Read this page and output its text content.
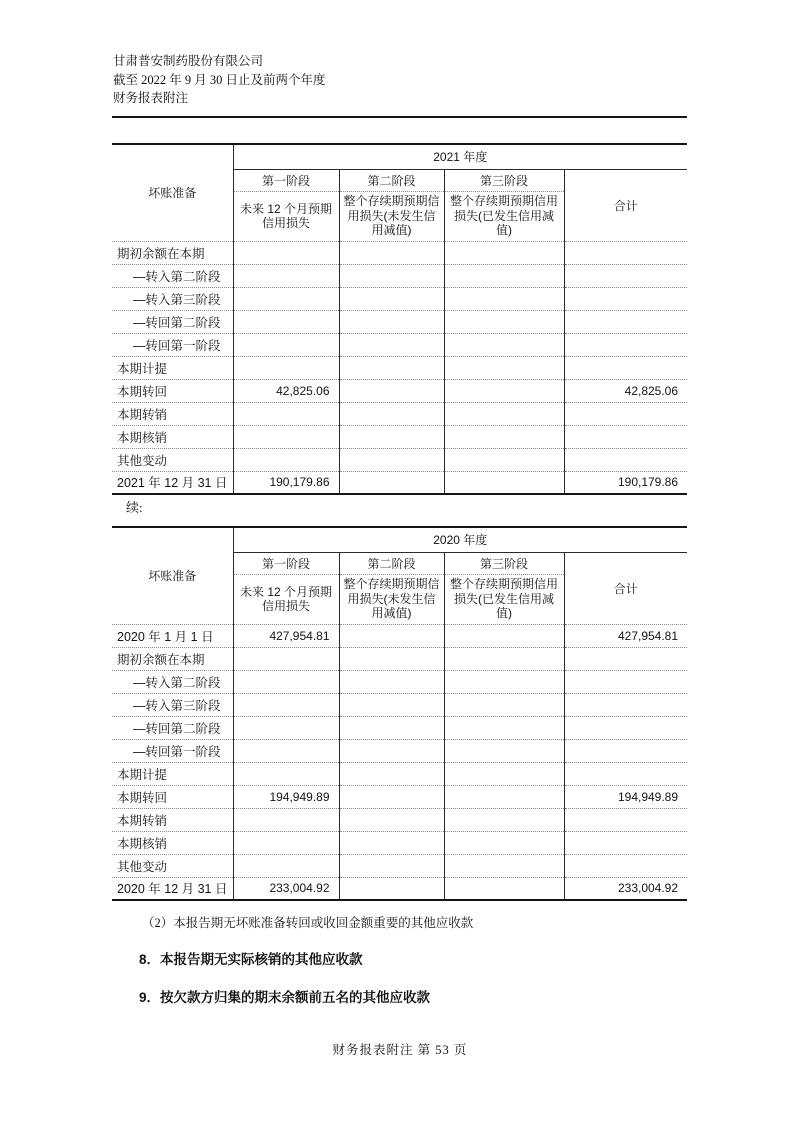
甘肃普安制药股份有限公司
截至 2022 年 9 月 30 日止及前两个年度
财务报表附注
坏账准备	2021 年度			
	第一阶段	第二阶段	第三阶段	合计
	未来 12 个月预期信用损失	整个存续期预期信用损失(未发生信用减值)	整个存续期预期信用损失(已发生信用减值)	
期初余额在本期				
—转入第二阶段				
—转入第三阶段				
—转回第二阶段				
—转回第一阶段				
本期计提				
本期转回	42,825.06			42,825.06
本期转销				
本期核销				
其他变动				
2021 年 12 月 31 日	190,179.86			190,179.86
续:
坏账准备	2020 年度			
	第一阶段	第二阶段	第三阶段	合计
	未来 12 个月预期信用损失	整个存续期预期信用损失(未发生信用减值)	整个存续期预期信用损失(已发生信用减值)	
2020 年 1 月 1 日	427,954.81			427,954.81
期初余额在本期				
—转入第二阶段				
—转入第三阶段				
—转回第二阶段				
—转回第一阶段				
本期计提				
本期转回	194,949.89			194,949.89
本期转销				
本期核销				
其他变动				
2020 年 12 月 31 日	233,004.92			233,004.92
（2）本报告期无坏账准备转回或收回金额重要的其他应收款
8．本报告期无实际核销的其他应收款
9．按欠款方归集的期末余额前五名的其他应收款
财务报表附注 第 53 页
